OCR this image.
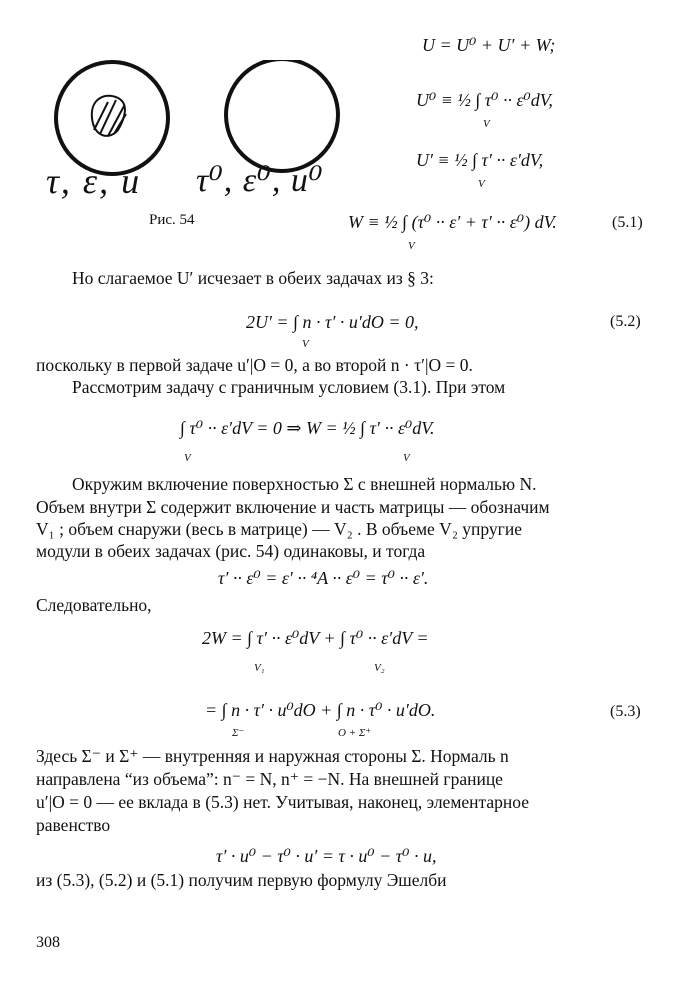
τ, ε, u τ⁰, ε⁰, u⁰
Рис. 54
U = U⁰ + U′ + W;
U⁰ ≡ ½ ∫ τ⁰ ·· ε⁰dV,
V
U′ ≡ ½ ∫ τ′ ·· ε′dV,
V
W ≡ ½ ∫ (τ⁰ ·· ε′ + τ′ ·· ε⁰) dV.
V
(5.1)
Но слагаемое U′ исчезает в обеих задачах из § 3:
2U′ = ∫ n · τ′ · u′dO = 0,
V
(5.2)
поскольку в первой задаче u′|O = 0, а во второй n · τ′|O = 0.
Рассмотрим задачу с граничным условием (3.1). При этом
∫ τ⁰ ·· ε′dV = 0 ⇒ W = ½ ∫ τ′ ·· ε⁰dV.
V	V
Окружим включение поверхностью Σ с внешней нормалью N.
Объем внутри Σ содержит включение и часть матрицы — обозначим
V₁ ; объем снаружи (весь в матрице) — V₂ . В объеме V₂ упругие
модули в обеих задачах (рис. 54) одинаковы, и тогда
τ′ ·· ε⁰ = ε′ ·· ⁴A ·· ε⁰ = τ⁰ ·· ε′.
Следовательно,
2W = ∫ τ′ ·· ε⁰dV + ∫ τ⁰ ·· ε′dV =
V₁	V₂
= ∫ n · τ′ · u⁰dO + ∫ n · τ⁰ · u′dO.
Σ⁻	O + Σ⁺
(5.3)
Здесь Σ⁻ и Σ⁺ — внутренняя и наружная стороны Σ. Нормаль n
направлена “из объема”: n⁻ = N, n⁺ = −N. На внешней границе
u′|O = 0 — ее вклада в (5.3) нет. Учитывая, наконец, элементарное
равенство
τ′ · u⁰ − τ⁰ · u′ = τ · u⁰ − τ⁰ · u,
из (5.3), (5.2) и (5.1) получим первую формулу Эшелби
308
